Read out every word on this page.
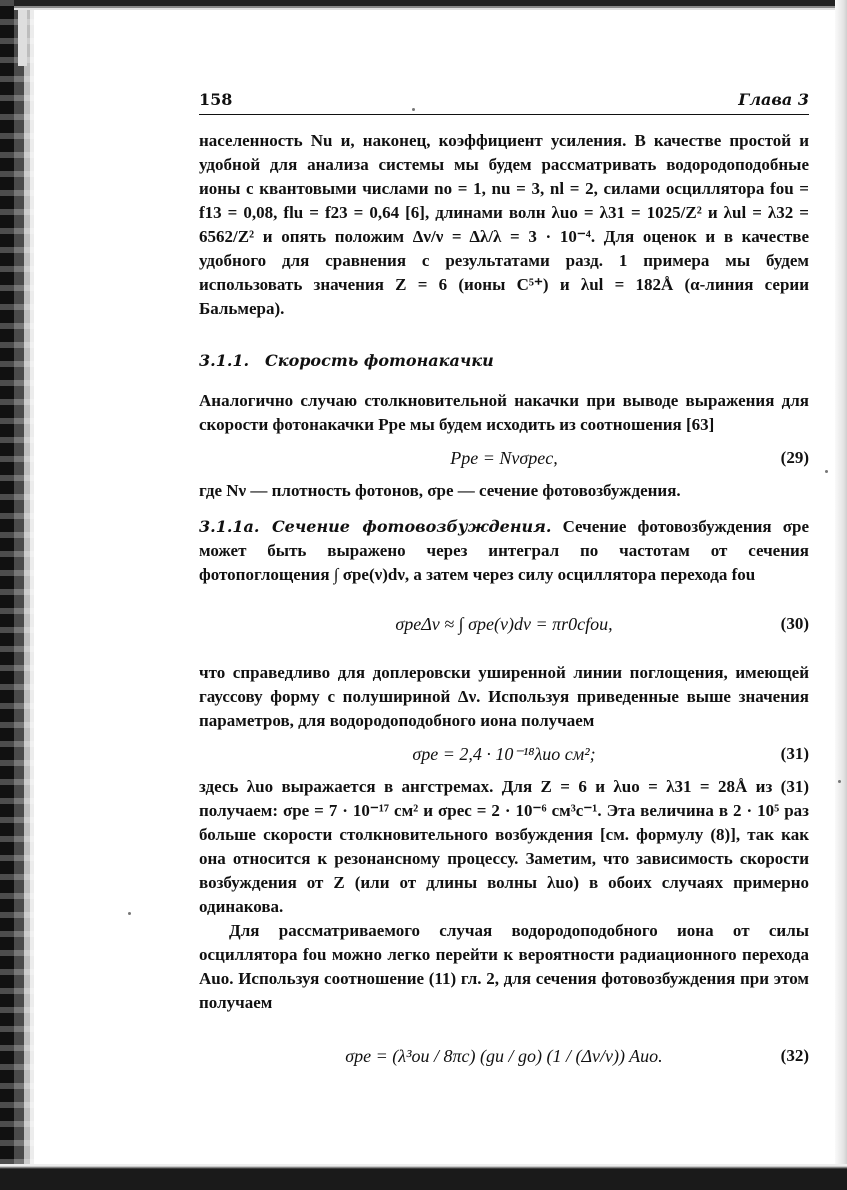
158	Глава 3

населенность Nu и, наконец, коэффициент усиления. В качестве простой и удобной для анализа системы мы будем рассматривать водородоподобные ионы с квантовыми числами no = 1, nu = 3, nl = 2, силами осциллятора fou = f13 = 0,08, flu = f23 = 0,64 [6], длинами волн λuo = λ31 = 1025/Z² и λul = λ32 = 6562/Z² и опять положим Δν/ν = Δλ/λ = 3 · 10⁻⁴. Для оценок и в качестве удобного для сравнения с результатами разд. 1 примера мы будем использовать значения Z = 6 (ионы C⁵⁺) и λul = 182Å (α-линия серии Бальмера).

3.1.1. Скорость фотонакачки

Аналогично случаю столкновительной накачки при выводе выражения для скорости фотонакачки Ppe мы будем исходить из соотношения [63]

Ppe = Nνσpec,	(29)

где Nν — плотность фотонов, σpe — сечение фотовозбуждения.

3.1.1a. Сечение фотовозбуждения. Сечение фотовозбуждения σpe может быть выражено через интеграл по частотам от сечения фотопоглощения ∫ σpe(ν)dν, а затем через силу осциллятора перехода fou

σpeΔν ≈ ∫ σpe(ν)dν = πr0cfou,	(30)

что справедливо для доплеровски уширенной линии поглощения, имеющей гауссову форму с полушириной Δν. Используя приведенные выше значения параметров, для водородоподобного иона получаем

σpe = 2,4 · 10⁻¹⁸λuo см²;	(31)

здесь λuo выражается в ангстремах. Для Z = 6 и λuo = λ31 = 28Å из (31) получаем: σpe = 7 · 10⁻¹⁷ см² и σpec = 2 · 10⁻⁶ см³с⁻¹. Эта величина в 2 · 10⁵ раз больше скорости столкновительного возбуждения [см. формулу (8)], так как она относится к резонансному процессу. Заметим, что зависимость скорости возбуждения от Z (или от длины волны λuo) в обоих случаях примерно одинакова.

Для рассматриваемого случая водородоподобного иона от силы осциллятора fou можно легко перейти к вероятности радиационного перехода Auo. Используя соотношение (11) гл. 2, для сечения фотовозбуждения при этом получаем

σpe = (λ³ou / 8πc) (gu / go) (1 / (Δν/ν)) Auo.	(32)
